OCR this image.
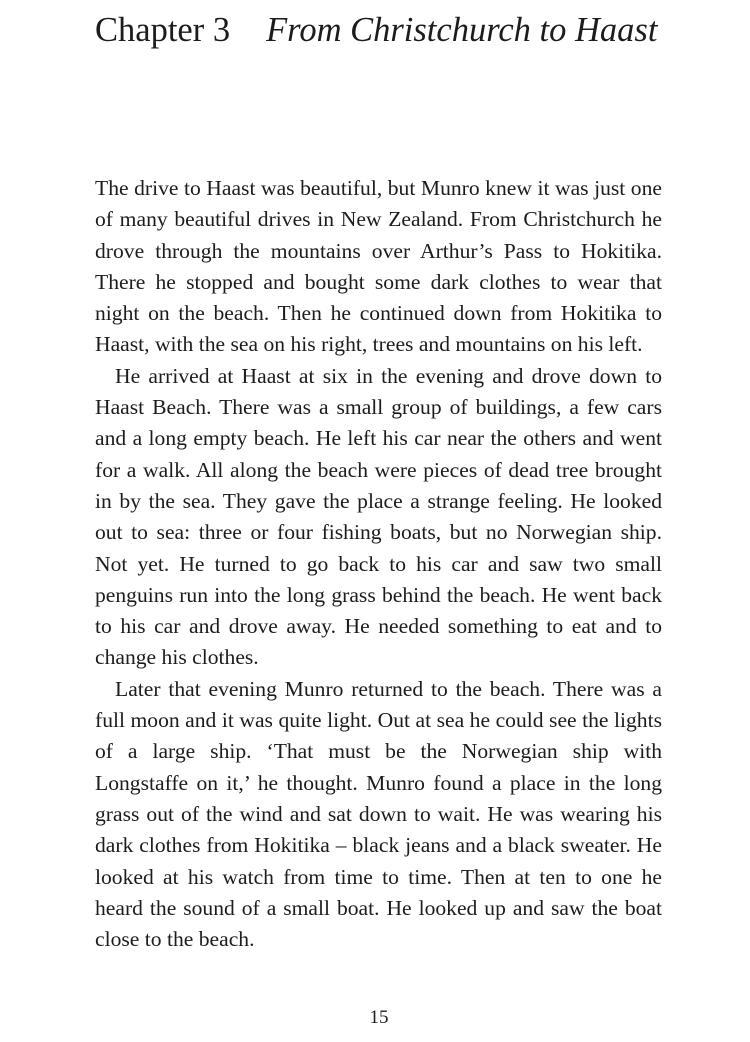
Chapter 3 From Christchurch to Haast

The drive to Haast was beautiful, but Munro knew it was just one of many beautiful drives in New Zealand. From Christchurch he drove through the mountains over Arthur’s Pass to Hokitika. There he stopped and bought some dark clothes to wear that night on the beach. Then he continued down from Hokitika to Haast, with the sea on his right, trees and mountains on his left.

He arrived at Haast at six in the evening and drove down to Haast Beach. There was a small group of buildings, a few cars and a long empty beach. He left his car near the others and went for a walk. All along the beach were pieces of dead tree brought in by the sea. They gave the place a strange feeling. He looked out to sea: three or four fishing boats, but no Norwegian ship. Not yet. He turned to go back to his car and saw two small penguins run into the long grass behind the beach. He went back to his car and drove away. He needed something to eat and to change his clothes.

Later that evening Munro returned to the beach. There was a full moon and it was quite light. Out at sea he could see the lights of a large ship. ‘That must be the Norwegian ship with Longstaffe on it,’ he thought. Munro found a place in the long grass out of the wind and sat down to wait. He was wearing his dark clothes from Hokitika – black jeans and a black sweater. He looked at his watch from time to time. Then at ten to one he heard the sound of a small boat. He looked up and saw the boat close to the beach.

15
